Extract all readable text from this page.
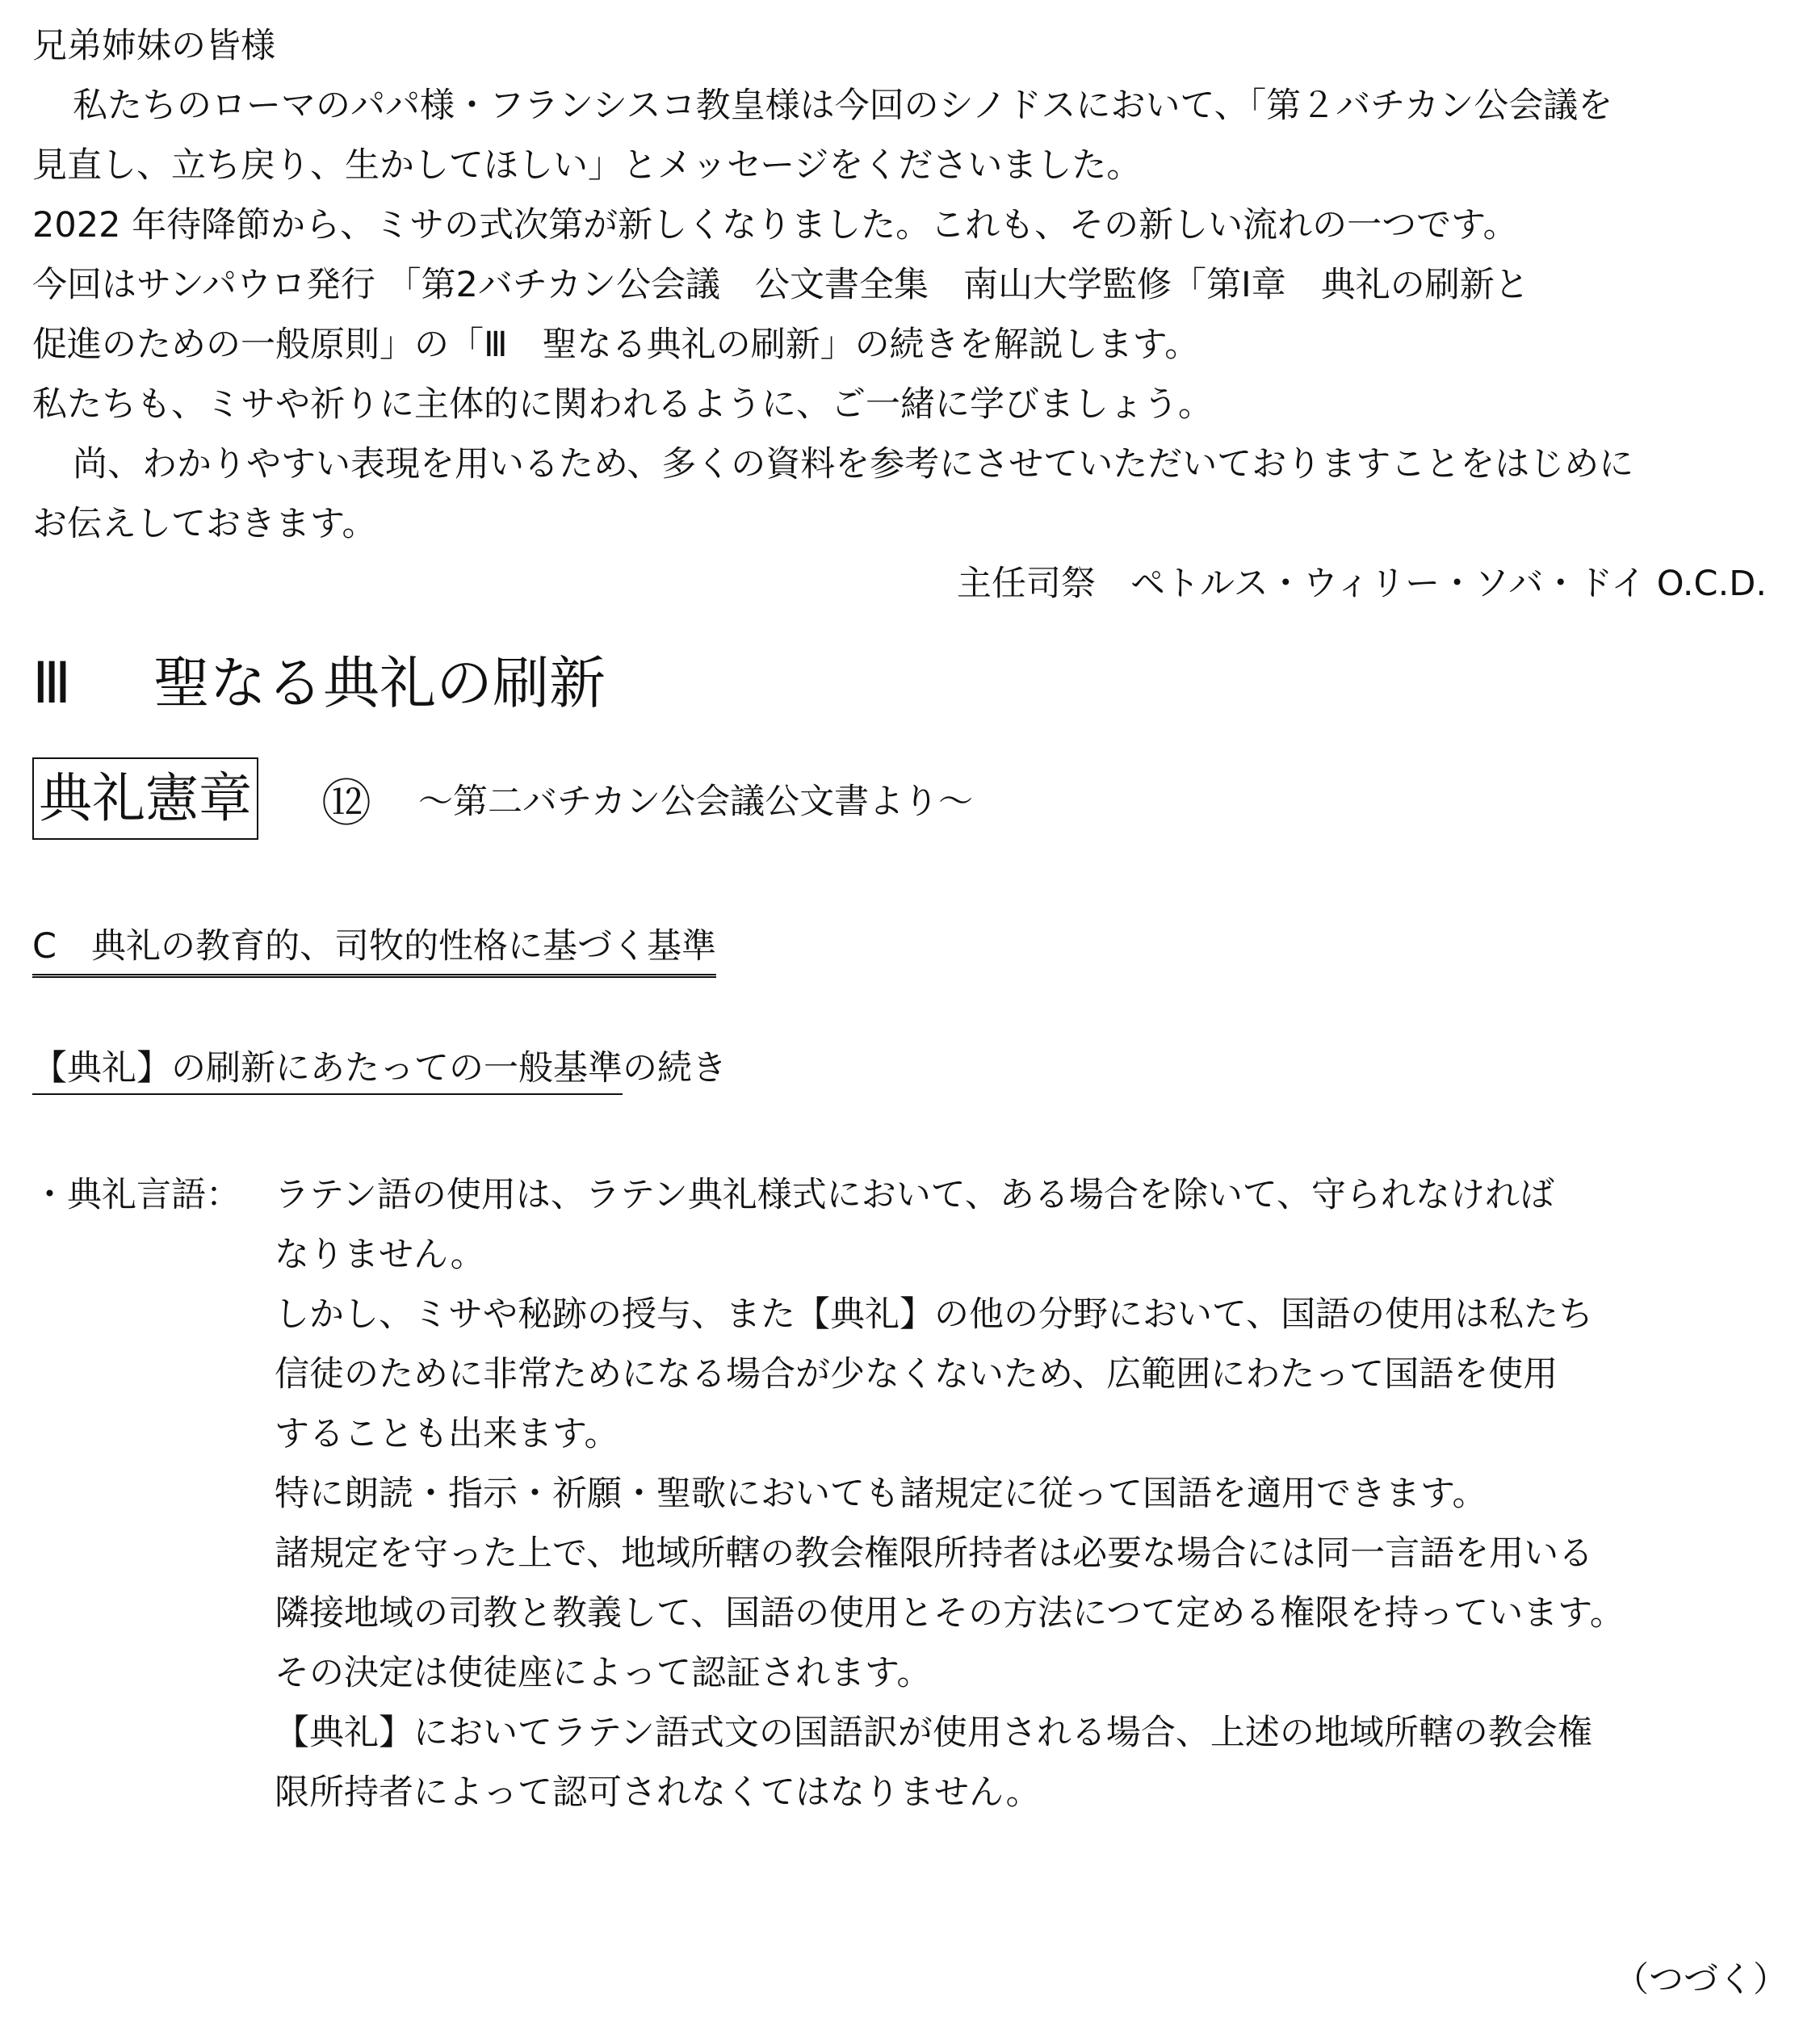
兄弟姉妹の皆様

私たちのローマのパパ様・フランシスコ教皇様は今回のシノドスにおいて、「第２バチカン公会議を

見直し、立ち戻り、生かしてほしい」とメッセージをくださいました。

2022 年待降節から、ミサの式次第が新しくなりました。これも、その新しい流れの一つです。

今回はサンパウロ発行 「第2バチカン公会議　公文書全集　南山大学監修「第Ⅰ章　典礼の刷新と

促進のための一般原則」の「Ⅲ　聖なる典礼の刷新」の続きを解説します。

私たちも、ミサや祈りに主体的に関われるように、ご一緒に学びましょう。

尚、わかりやすい表現を用いるため、多くの資料を参考にさせていただいておりますことをはじめに

お伝えしておきます。

主任司祭　ペトルス・ウィリー・ソバ・ドイ O.C.D.

Ⅲ 聖なる典礼の刷新
典礼憲章 ⑫	～第二バチカン公会議公文書より～
C　典礼の教育的、司牧的性格に基づく基準
【典礼】の刷新にあたっての一般基準の続き
・典礼言語： ラテン語の使用は、ラテン典礼様式において、ある場合を除いて、守られなければ

なりません。

しかし、ミサや秘跡の授与、また【典礼】の他の分野において、国語の使用は私たち

信徒のために非常ためになる場合が少なくないため、広範囲にわたって国語を使用

することも出来ます。

特に朗読・指示・祈願・聖歌においても諸規定に従って国語を適用できます。

諸規定を守った上で、地域所轄の教会権限所持者は必要な場合には同一言語を用いる

隣接地域の司教と教義して、国語の使用とその方法につて定める権限を持っています。

その決定は使徒座によって認証されます。

【典礼】においてラテン語式文の国語訳が使用される場合、上述の地域所轄の教会権

限所持者によって認可されなくてはなりません。

（つづく）
